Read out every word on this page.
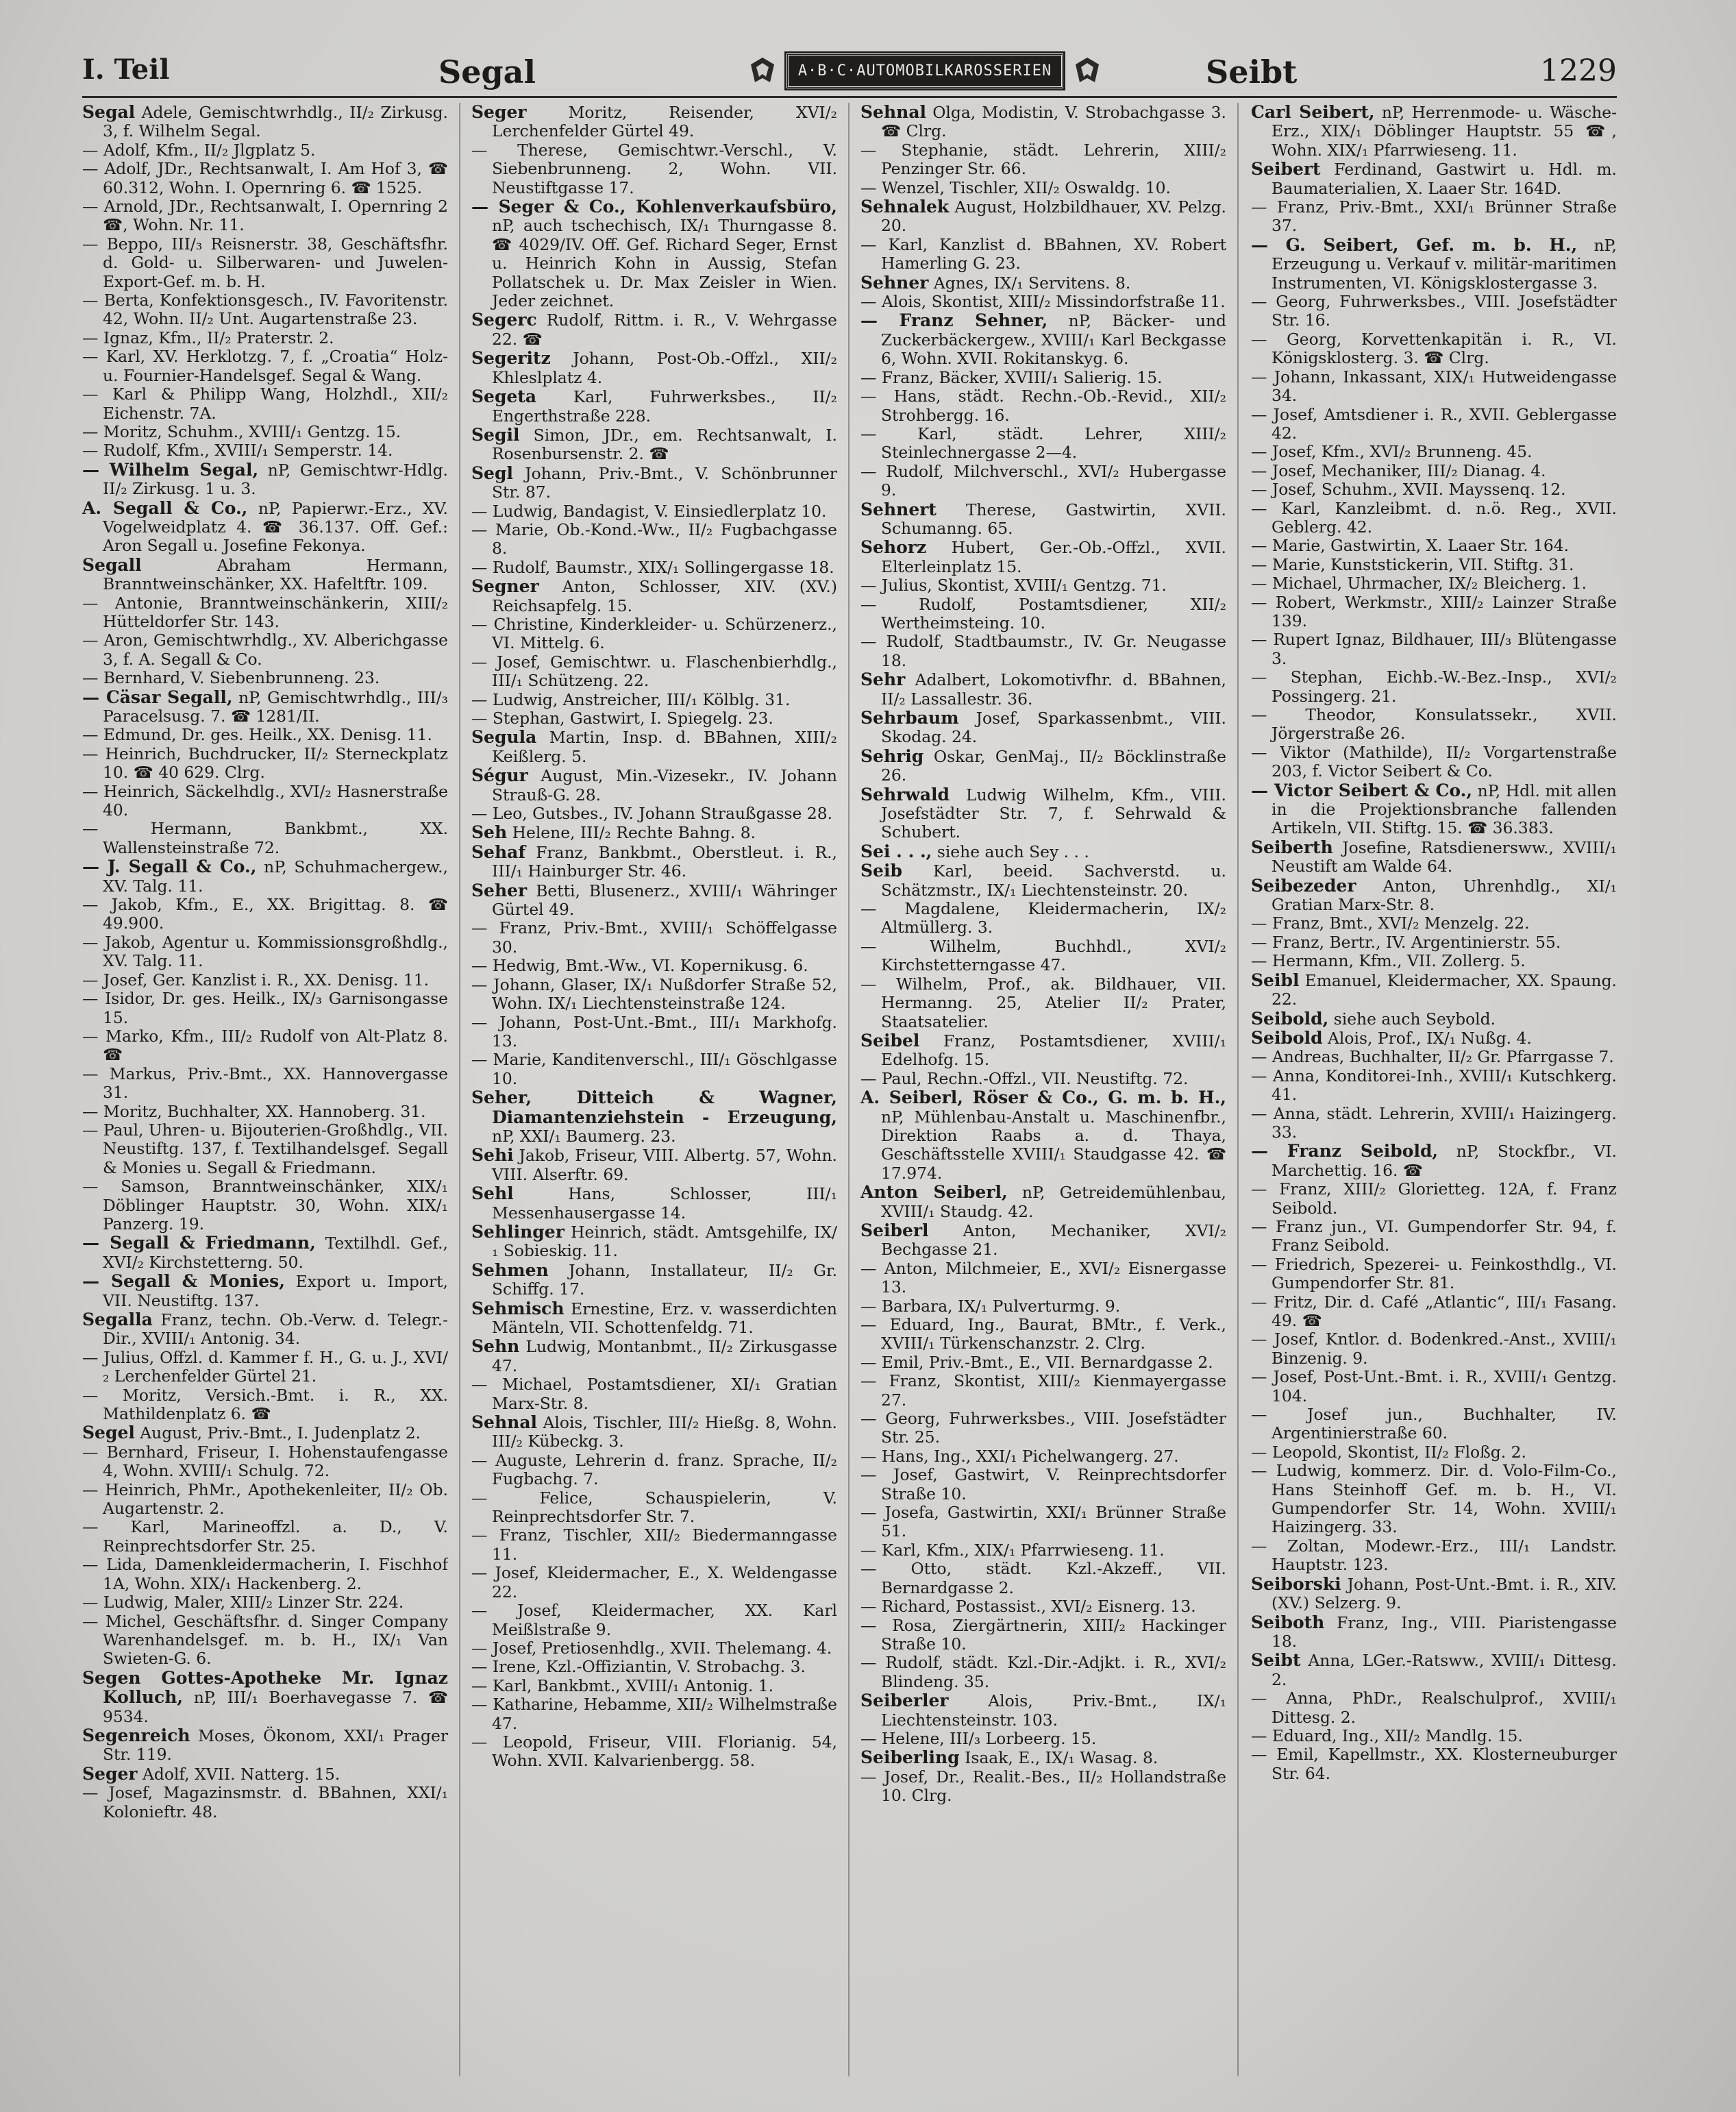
I. Teil	Segal	A·B·C·AUTOMOBILKAROSSERIEN	Seibt	1229

Segal Adele, Gemischtwrhdlg., II/₂ Zirkusg. 3, f. Wilhelm Segal.

— Adolf, Kfm., II/₂ Jlgplatz 5.

— Adolf, JDr., Rechtsanwalt, I. Am Hof 3, ☎ 60.312, Wohn. I. Opernring 6. ☎ 1525.

— Arnold, JDr., Rechtsanwalt, I. Opernring 2 ☎, Wohn. Nr. 11.

— Beppo, III/₃ Reisnerstr. 38, Geschäftsfhr. d. Gold- u. Silberwaren- und Juwelen-Export-Gef. m. b. H.

— Berta, Konfektionsgesch., IV. Favoritenstr. 42, Wohn. II/₂ Unt. Augartenstraße 23.

— Ignaz, Kfm., II/₂ Praterstr. 2.

— Karl, XV. Herklotzg. 7, f. „Croatia“ Holz- u. Fournier-Handelsgef. Segal & Wang.

— Karl & Philipp Wang, Holzhdl., XII/₂ Eichenstr. 7A.

— Moritz, Schuhm., XVIII/₁ Gentzg. 15.

— Rudolf, Kfm., XVIII/₁ Semperstr. 14.

— Wilhelm Segal, nP, Gemischtwr-Hdlg. II/₂ Zirkusg. 1 u. 3.

A. Segall & Co., nP, Papierwr.-Erz., XV. Vogelweidplatz 4. ☎ 36.137. Off. Gef.: Aron Segall u. Josefine Fekonya.

Segall Abraham Hermann, Branntweinschänker, XX. Hafeltftr. 109.

— Antonie, Branntweinschänkerin, XIII/₂ Hütteldorfer Str. 143.

— Aron, Gemischtwrhdlg., XV. Alberichgasse 3, f. A. Segall & Co.

— Bernhard, V. Siebenbrunneng. 23.

— Cäsar Segall, nP, Gemischtwrhdlg., III/₃ Paracelsusg. 7. ☎ 1281/II.

— Edmund, Dr. ges. Heilk., XX. Denisg. 11.

— Heinrich, Buchdrucker, II/₂ Sterneckplatz 10. ☎ 40 629. Clrg.

— Heinrich, Säckelhdlg., XVI/₂ Hasnerstraße 40.

— Hermann, Bankbmt., XX. Wallensteinstraße 72.

— J. Segall & Co., nP, Schuhmachergew., XV. Talg. 11.

— Jakob, Kfm., E., XX. Brigittag. 8. ☎ 49.900.

— Jakob, Agentur u. Kommissionsgroßhdlg., XV. Talg. 11.

— Josef, Ger. Kanzlist i. R., XX. Denisg. 11.

— Isidor, Dr. ges. Heilk., IX/₃ Garnisongasse 15.

— Marko, Kfm., III/₂ Rudolf von Alt-Platz 8. ☎

— Markus, Priv.-Bmt., XX. Hannovergasse 31.

— Moritz, Buchhalter, XX. Hannoberg. 31.

— Paul, Uhren- u. Bijouterien-Großhdlg., VII. Neustiftg. 137, f. Textilhandelsgef. Segall & Monies u. Segall & Friedmann.

— Samson, Branntweinschänker, XIX/₁ Döblinger Hauptstr. 30, Wohn. XIX/₁ Panzerg. 19.

— Segall & Friedmann, Textilhdl. Gef., XVI/₂ Kirchstetterng. 50.

— Segall & Monies, Export u. Import, VII. Neustiftg. 137.

Segalla Franz, techn. Ob.-Verw. d. Telegr.-Dir., XVIII/₁ Antonig. 34.

— Julius, Offzl. d. Kammer f. H., G. u. J., XVI/₂ Lerchenfelder Gürtel 21.

— Moritz, Versich.-Bmt. i. R., XX. Mathildenplatz 6. ☎

Segel August, Priv.-Bmt., I. Judenplatz 2.

— Bernhard, Friseur, I. Hohenstaufengasse 4, Wohn. XVIII/₁ Schulg. 72.

— Heinrich, PhMr., Apothekenleiter, II/₂ Ob. Augartenstr. 2.

— Karl, Marineoffzl. a. D., V. Reinprechtsdorfer Str. 25.

— Lida, Damenkleidermacherin, I. Fischhof 1A, Wohn. XIX/₁ Hackenberg. 2.

— Ludwig, Maler, XIII/₂ Linzer Str. 224.

— Michel, Geschäftsfhr. d. Singer Company Warenhandelsgef. m. b. H., IX/₁ Van Swieten-G. 6.

Segen Gottes-Apotheke Mr. Ignaz Kolluch, nP, III/₁ Boerhavegasse 7. ☎ 9534.

Segenreich Moses, Ökonom, XXI/₁ Prager Str. 119.

Seger Adolf, XVII. Natterg. 15.

— Josef, Magazinsmstr. d. BBahnen, XXI/₁ Kolonieftr. 48.

Seger Moritz, Reisender, XVI/₂ Lerchenfelder Gürtel 49.

— Therese, Gemischtwr.-Verschl., V. Siebenbrunneng. 2, Wohn. VII. Neustiftgasse 17.

— Seger & Co., Kohlenverkaufsbüro, nP, auch tschechisch, IX/₁ Thurngasse 8. ☎ 4029/IV. Off. Gef. Richard Seger, Ernst u. Heinrich Kohn in Aussig, Stefan Pollatschek u. Dr. Max Zeisler in Wien. Jeder zeichnet.

Segerc Rudolf, Rittm. i. R., V. Wehrgasse 22. ☎

Segeritz Johann, Post-Ob.-Offzl., XII/₂ Khleslplatz 4.

Segeta Karl, Fuhrwerksbes., II/₂ Engerthstraße 228.

Segil Simon, JDr., em. Rechtsanwalt, I. Rosenbursenstr. 2. ☎

Segl Johann, Priv.-Bmt., V. Schönbrunner Str. 87.

— Ludwig, Bandagist, V. Einsiedlerplatz 10.

— Marie, Ob.-Kond.-Ww., II/₂ Fugbachgasse 8.

— Rudolf, Baumstr., XIX/₁ Sollingergasse 18.

Segner Anton, Schlosser, XIV. (XV.) Reichsapfelg. 15.

— Christine, Kinderkleider- u. Schürzenerz., VI. Mittelg. 6.

— Josef, Gemischtwr. u. Flaschenbierhdlg., III/₁ Schützeng. 22.

— Ludwig, Anstreicher, III/₁ Kölblg. 31.

— Stephan, Gastwirt, I. Spiegelg. 23.

Segula Martin, Insp. d. BBahnen, XIII/₂ Keißlerg. 5.

Ségur August, Min.-Vizesekr., IV. Johann Strauß-G. 28.

— Leo, Gutsbes., IV. Johann Straußgasse 28.

Seh Helene, III/₂ Rechte Bahng. 8.

Sehaf Franz, Bankbmt., Oberstleut. i. R., III/₁ Hainburger Str. 46.

Seher Betti, Blusenerz., XVIII/₁ Währinger Gürtel 49.

— Franz, Priv.-Bmt., XVIII/₁ Schöffelgasse 30.

— Hedwig, Bmt.-Ww., VI. Kopernikusg. 6.

— Johann, Glaser, IX/₁ Nußdorfer Straße 52, Wohn. IX/₁ Liechtensteinstraße 124.

— Johann, Post-Unt.-Bmt., III/₁ Markhofg. 13.

— Marie, Kanditenverschl., III/₁ Göschlgasse 10.

Seher, Ditteich & Wagner, Diamantenziehstein - Erzeugung, nP, XXI/₁ Baumerg. 23.

Sehi Jakob, Friseur, VIII. Albertg. 57, Wohn. VIII. Alserftr. 69.

Sehl Hans, Schlosser, III/₁ Messenhausergasse 14.

Sehlinger Heinrich, städt. Amtsgehilfe, IX/₁ Sobieskig. 11.

Sehmen Johann, Installateur, II/₂ Gr. Schiffg. 17.

Sehmisch Ernestine, Erz. v. wasserdichten Mänteln, VII. Schottenfeldg. 71.

Sehn Ludwig, Montanbmt., II/₂ Zirkusgasse 47.

— Michael, Postamtsdiener, XI/₁ Gratian Marx-Str. 8.

Sehnal Alois, Tischler, III/₂ Hießg. 8, Wohn. III/₂ Kübeckg. 3.

— Auguste, Lehrerin d. franz. Sprache, II/₂ Fugbachg. 7.

— Felice, Schauspielerin, V. Reinprechtsdorfer Str. 7.

— Franz, Tischler, XII/₂ Biedermanngasse 11.

— Josef, Kleidermacher, E., X. Weldengasse 22.

— Josef, Kleidermacher, XX. Karl Meißlstraße 9.

— Josef, Pretiosenhdlg., XVII. Thelemang. 4.

— Irene, Kzl.-Offiziantin, V. Strobachg. 3.

— Karl, Bankbmt., XVIII/₁ Antonig. 1.

— Katharine, Hebamme, XII/₂ Wilhelmstraße 47.

— Leopold, Friseur, VIII. Florianig. 54, Wohn. XVII. Kalvarienbergg. 58.

Sehnal Olga, Modistin, V. Strobachgasse 3. ☎ Clrg.

— Stephanie, städt. Lehrerin, XIII/₂ Penzinger Str. 66.

— Wenzel, Tischler, XII/₂ Oswaldg. 10.

Sehnalek August, Holzbildhauer, XV. Pelzg. 20.

— Karl, Kanzlist d. BBahnen, XV. Robert Hamerling G. 23.

Sehner Agnes, IX/₁ Servitens. 8.

— Alois, Skontist, XIII/₂ Missindorfstraße 11.

— Franz Sehner, nP, Bäcker- und Zuckerbäckergew., XVIII/₁ Karl Beckgasse 6, Wohn. XVII. Rokitanskyg. 6.

— Franz, Bäcker, XVIII/₁ Salierig. 15.

— Hans, städt. Rechn.-Ob.-Revid., XII/₂ Strohbergg. 16.

— Karl, städt. Lehrer, XIII/₂ Steinlechnergasse 2—4.

— Rudolf, Milchverschl., XVI/₂ Hubergasse 9.

Sehnert Therese, Gastwirtin, XVII. Schumanng. 65.

Sehorz Hubert, Ger.-Ob.-Offzl., XVII. Elterleinplatz 15.

— Julius, Skontist, XVIII/₁ Gentzg. 71.

— Rudolf, Postamtsdiener, XII/₂ Wertheimsteing. 10.

— Rudolf, Stadtbaumstr., IV. Gr. Neugasse 18.

Sehr Adalbert, Lokomotivfhr. d. BBahnen, II/₂ Lassallestr. 36.

Sehrbaum Josef, Sparkassenbmt., VIII. Skodag. 24.

Sehrig Oskar, GenMaj., II/₂ Böcklinstraße 26.

Sehrwald Ludwig Wilhelm, Kfm., VIII. Josefstädter Str. 7, f. Sehrwald & Schubert.

Sei . . ., siehe auch Sey . . .

Seib Karl, beeid. Sachverstd. u. Schätzmstr., IX/₁ Liechtensteinstr. 20.

— Magdalene, Kleidermacherin, IX/₂ Altmüllerg. 3.

— Wilhelm, Buchhdl., XVI/₂ Kirchstetterngasse 47.

— Wilhelm, Prof., ak. Bildhauer, VII. Hermanng. 25, Atelier II/₂ Prater, Staatsatelier.

Seibel Franz, Postamtsdiener, XVIII/₁ Edelhofg. 15.

— Paul, Rechn.-Offzl., VII. Neustiftg. 72.

A. Seiberl, Röser & Co., G. m. b. H., nP, Mühlenbau-Anstalt u. Maschinenfbr., Direktion Raabs a. d. Thaya, Geschäftsstelle XVIII/₁ Staudgasse 42. ☎ 17.974.

Anton Seiberl, nP, Getreidemühlenbau, XVIII/₁ Staudg. 42.

Seiberl Anton, Mechaniker, XVI/₂ Bechgasse 21.

— Anton, Milchmeier, E., XVI/₂ Eisnergasse 13.

— Barbara, IX/₁ Pulverturmg. 9.

— Eduard, Ing., Baurat, BMtr., f. Verk., XVIII/₁ Türkenschanzstr. 2. Clrg.

— Emil, Priv.-Bmt., E., VII. Bernardgasse 2.

— Franz, Skontist, XIII/₂ Kienmayergasse 27.

— Georg, Fuhrwerksbes., VIII. Josefstädter Str. 25.

— Hans, Ing., XXI/₁ Pichelwangerg. 27.

— Josef, Gastwirt, V. Reinprechtsdorfer Straße 10.

— Josefa, Gastwirtin, XXI/₁ Brünner Straße 51.

— Karl, Kfm., XIX/₁ Pfarrwieseng. 11.

— Otto, städt. Kzl.-Akzeff., VII. Bernardgasse 2.

— Richard, Postassist., XVI/₂ Eisnerg. 13.

— Rosa, Ziergärtnerin, XIII/₂ Hackinger Straße 10.

— Rudolf, städt. Kzl.-Dir.-Adjkt. i. R., XVI/₂ Blindeng. 35.

Seiberler Alois, Priv.-Bmt., IX/₁ Liechtensteinstr. 103.

— Helene, III/₃ Lorbeerg. 15.

Seiberling Isaak, E., IX/₁ Wasag. 8.

— Josef, Dr., Realit.-Bes., II/₂ Hollandstraße 10. Clrg.

Carl Seibert, nP, Herrenmode- u. Wäsche-Erz., XIX/₁ Döblinger Hauptstr. 55 ☎, Wohn. XIX/₁ Pfarrwieseng. 11.

Seibert Ferdinand, Gastwirt u. Hdl. m. Baumaterialien, X. Laaer Str. 164D.

— Franz, Priv.-Bmt., XXI/₁ Brünner Straße 37.

— G. Seibert, Gef. m. b. H., nP, Erzeugung u. Verkauf v. militär-maritimen Instrumenten, VI. Königsklostergasse 3.

— Georg, Fuhrwerksbes., VIII. Josefstädter Str. 16.

— Georg, Korvettenkapitän i. R., VI. Königsklosterg. 3. ☎ Clrg.

— Johann, Inkassant, XIX/₁ Hutweidengasse 34.

— Josef, Amtsdiener i. R., XVII. Geblergasse 42.

— Josef, Kfm., XVI/₂ Brunneng. 45.

— Josef, Mechaniker, III/₂ Dianag. 4.

— Josef, Schuhm., XVII. Mayssenq. 12.

— Karl, Kanzleibmt. d. n.ö. Reg., XVII. Geblerg. 42.

— Marie, Gastwirtin, X. Laaer Str. 164.

— Marie, Kunststickerin, VII. Stiftg. 31.

— Michael, Uhrmacher, IX/₂ Bleicherg. 1.

— Robert, Werkmstr., XIII/₂ Lainzer Straße 139.

— Rupert Ignaz, Bildhauer, III/₃ Blütengasse 3.

— Stephan, Eichb.-W.-Bez.-Insp., XVI/₂ Possingerg. 21.

— Theodor, Konsulatssekr., XVII. Jörgerstraße 26.

— Viktor (Mathilde), II/₂ Vorgartenstraße 203, f. Victor Seibert & Co.

— Victor Seibert & Co., nP, Hdl. mit allen in die Projektionsbranche fallenden Artikeln, VII. Stiftg. 15. ☎ 36.383.

Seiberth Josefine, Ratsdienersww., XVIII/₁ Neustift am Walde 64.

Seibezeder Anton, Uhrenhdlg., XI/₁ Gratian Marx-Str. 8.

— Franz, Bmt., XVI/₂ Menzelg. 22.

— Franz, Bertr., IV. Argentinierstr. 55.

— Hermann, Kfm., VII. Zollerg. 5.

Seibl Emanuel, Kleidermacher, XX. Spaung. 22.

Seibold, siehe auch Seybold.

Seibold Alois, Prof., IX/₁ Nußg. 4.

— Andreas, Buchhalter, II/₂ Gr. Pfarrgasse 7.

— Anna, Konditorei-Inh., XVIII/₁ Kutschkerg. 41.

— Anna, städt. Lehrerin, XVIII/₁ Haizingerg. 33.

— Franz Seibold, nP, Stockfbr., VI. Marchettig. 16. ☎

— Franz, XIII/₂ Glorietteg. 12A, f. Franz Seibold.

— Franz jun., VI. Gumpendorfer Str. 94, f. Franz Seibold.

— Friedrich, Spezerei- u. Feinkosthdlg., VI. Gumpendorfer Str. 81.

— Fritz, Dir. d. Café „Atlantic“, III/₁ Fasang. 49. ☎

— Josef, Kntlor. d. Bodenkred.-Anst., XVIII/₁ Binzenig. 9.

— Josef, Post-Unt.-Bmt. i. R., XVIII/₁ Gentzg. 104.

— Josef jun., Buchhalter, IV. Argentinierstraße 60.

— Leopold, Skontist, II/₂ Floßg. 2.

— Ludwig, kommerz. Dir. d. Volo-Film-Co., Hans Steinhoff Gef. m. b. H., VI. Gumpendorfer Str. 14, Wohn. XVIII/₁ Haizingerg. 33.

— Zoltan, Modewr.-Erz., III/₁ Landstr. Hauptstr. 123.

Seiborski Johann, Post-Unt.-Bmt. i. R., XIV. (XV.) Selzerg. 9.

Seiboth Franz, Ing., VIII. Piaristengasse 18.

Seibt Anna, LGer.-Ratsww., XVIII/₁ Dittesg. 2.

— Anna, PhDr., Realschulprof., XVIII/₁ Dittesg. 2.

— Eduard, Ing., XII/₂ Mandlg. 15.

— Emil, Kapellmstr., XX. Klosterneuburger Str. 64.
